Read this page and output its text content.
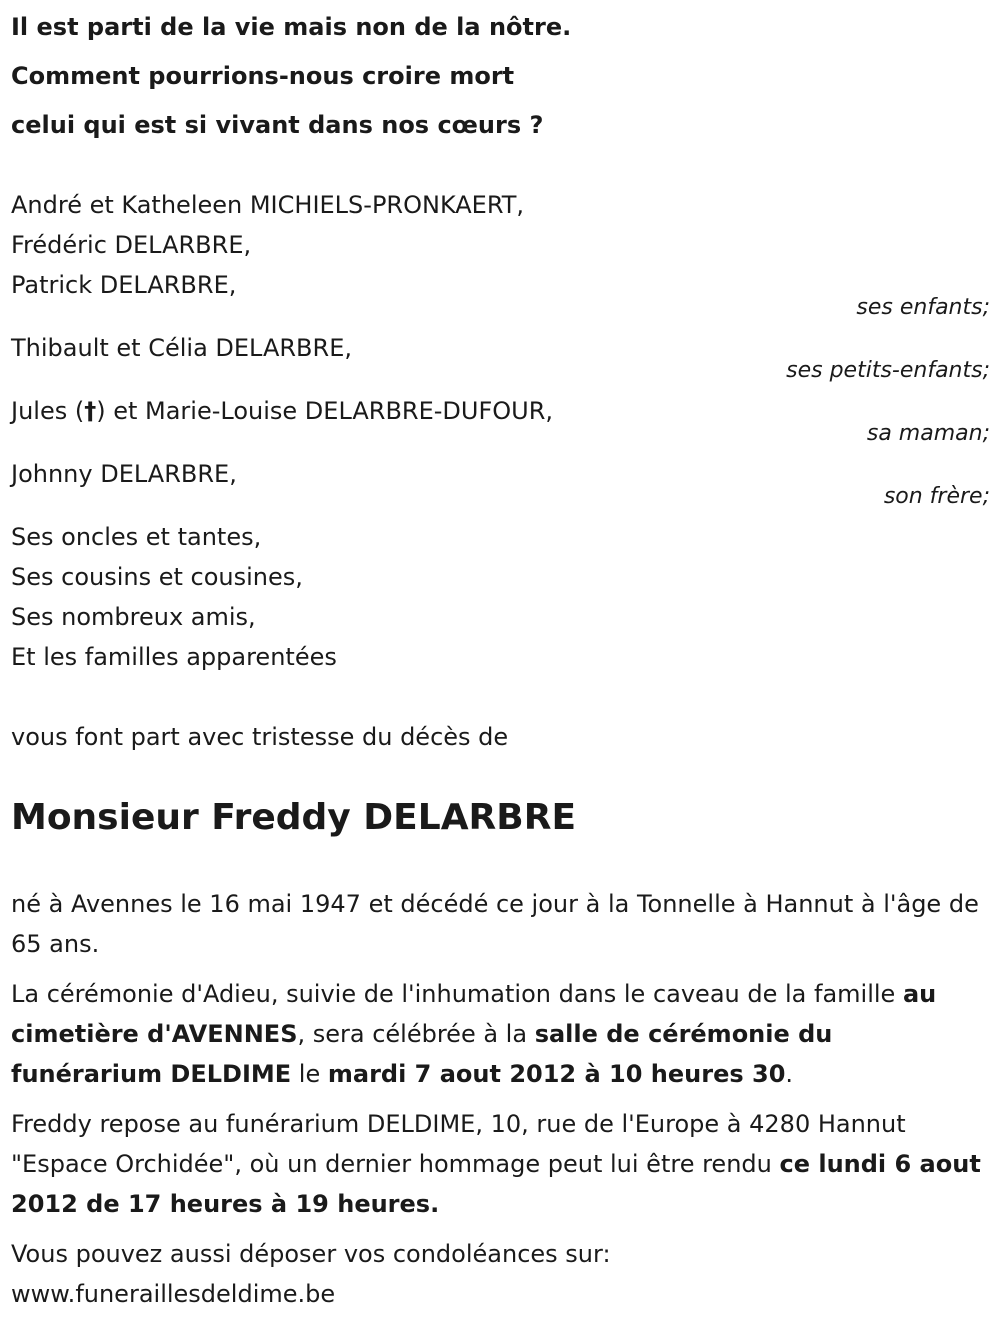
Il est parti de la vie mais non de la nôtre.
Comment pourrions-nous croire mort
celui qui est si vivant dans nos cœurs ?
André et Katheleen MICHIELS-PRONKAERT,
Frédéric DELARBRE,
Patrick DELARBRE,
ses enfants;
Thibault et Célia DELARBRE,
ses petits-enfants;
Jules (†) et Marie-Louise DELARBRE-DUFOUR,
sa maman;
Johnny DELARBRE,
son frère;
Ses oncles et tantes,
Ses cousins et cousines,
Ses nombreux amis,
Et les familles apparentées
vous font part avec tristesse du décès de
Monsieur Freddy DELARBRE
né à Avennes le 16 mai 1947 et décédé ce jour à la Tonnelle à Hannut à l'âge de 65 ans.
La cérémonie d'Adieu, suivie de l'inhumation dans le caveau de la famille au cimetière d'AVENNES, sera célébrée à la salle de cérémonie du funérarium DELDIME le mardi 7 aout 2012 à 10 heures 30.
Freddy repose au funérarium DELDIME, 10, rue de l'Europe à 4280 Hannut "Espace Orchidée", où un dernier hommage peut lui être rendu ce lundi 6 aout 2012 de 17 heures à 19 heures.
Vous pouvez aussi déposer vos condoléances sur:
www.funeraillesdeldime.be
